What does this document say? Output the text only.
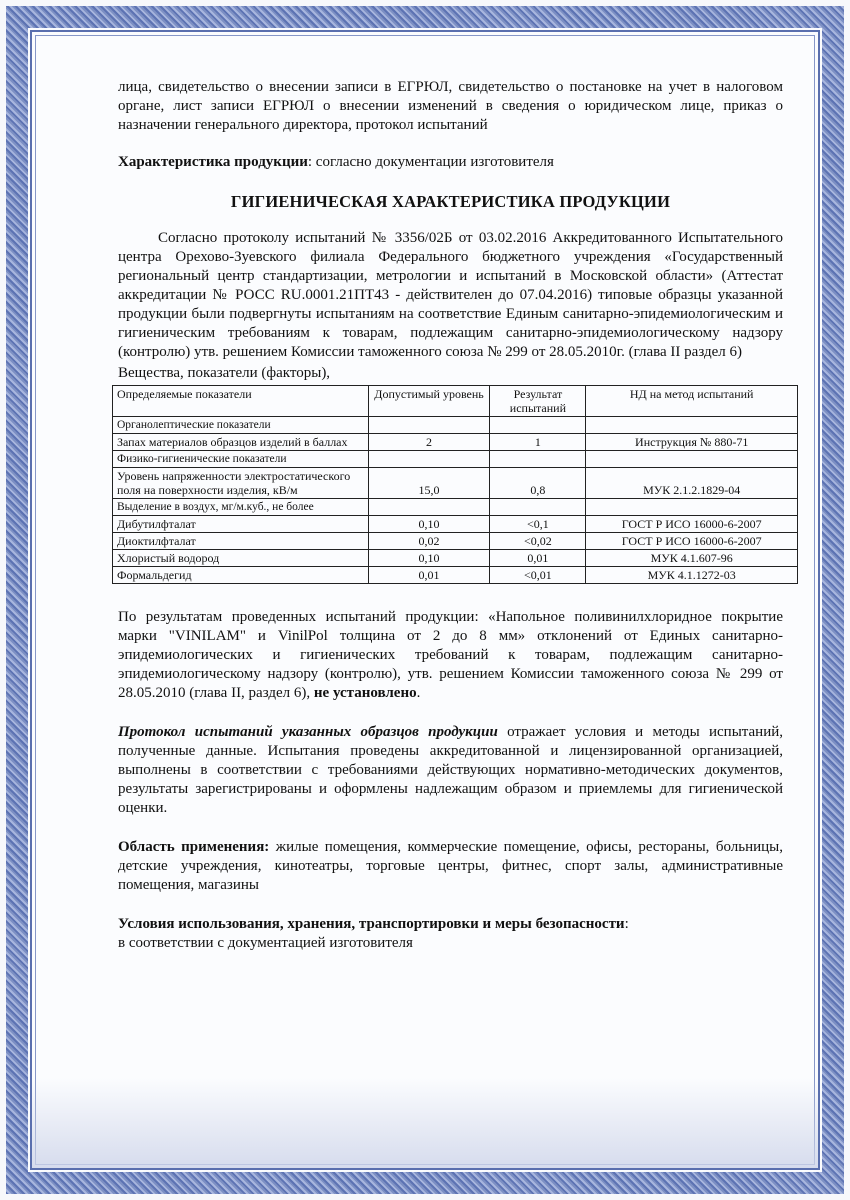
лица, свидетельство о внесении записи в ЕГРЮЛ, свидетельство о постановке на учет в налоговом органе, лист записи ЕГРЮЛ о внесении изменений в сведения о юридическом лице, приказ о назначении генерального директора, протокол испытаний

Характеристика продукции: согласно документации изготовителя

ГИГИЕНИЧЕСКАЯ ХАРАКТЕРИСТИКА ПРОДУКЦИИ

Согласно протоколу испытаний № 3356/02Б от 03.02.2016 Аккредитованного Испытательного центра Орехово-Зуевского филиала Федерального бюджетного учреждения «Государственный региональный центр стандартизации, метрологии и испытаний в Московской области» (Аттестат аккредитации № РОСС RU.0001.21ПТ43 - действителен до 07.04.2016) типовые образцы указанной продукции были подвергнуты испытаниям на соответствие Единым санитарно-эпидемиологическим и гигиеническим требованиям к товарам, подлежащим санитарно-эпидемиологическому надзору (контролю) утв. решением Комиссии таможенного союза № 299 от 28.05.2010г. (глава II раздел 6)

Вещества, показатели (факторы),

Определяемые показатели	Допустимый уровень	Результат испытаний	НД на метод испытаний
Органолептические показатели			
Запах материалов образцов изделий в баллах	2	1	Инструкция № 880-71
Физико-гигиенические показатели			
Уровень напряженности электростатического поля на поверхности изделия, кВ/м	15,0	0,8	МУК 2.1.2.1829-04
Выделение в воздух, мг/м.куб., не более			
Дибутилфталат	0,10	<0,1	ГОСТ Р ИСО 16000-6-2007
Диоктилфталат	0,02	<0,02	ГОСТ Р ИСО 16000-6-2007
Хлористый водород	0,10	0,01	МУК 4.1.607-96
Формальдегид	0,01	<0,01	МУК 4.1.1272-03

По результатам проведенных испытаний продукции: «Напольное поливинилхлоридное покрытие марки "VINILAM" и VinilPol толщина от 2 до 8 мм» отклонений от Единых санитарно-эпидемиологических и гигиенических требований к товарам, подлежащим санитарно-эпидемиологическому надзору (контролю), утв. решением Комиссии таможенного союза № 299 от 28.05.2010 (глава II, раздел 6), не установлено.

Протокол испытаний указанных образцов продукции отражает условия и методы испытаний, полученные данные. Испытания проведены аккредитованной и лицензированной организацией, выполнены в соответствии с требованиями действующих нормативно-методических документов, результаты зарегистрированы и оформлены надлежащим образом и приемлемы для гигиенической оценки.

Область применения: жилые помещения, коммерческие помещение, офисы, рестораны, больницы, детские учреждения, кинотеатры, торговые центры, фитнес, спорт залы, административные помещения, магазины

Условия использования, хранения, транспортировки и меры безопасности:

в соответствии с документацией изготовителя
